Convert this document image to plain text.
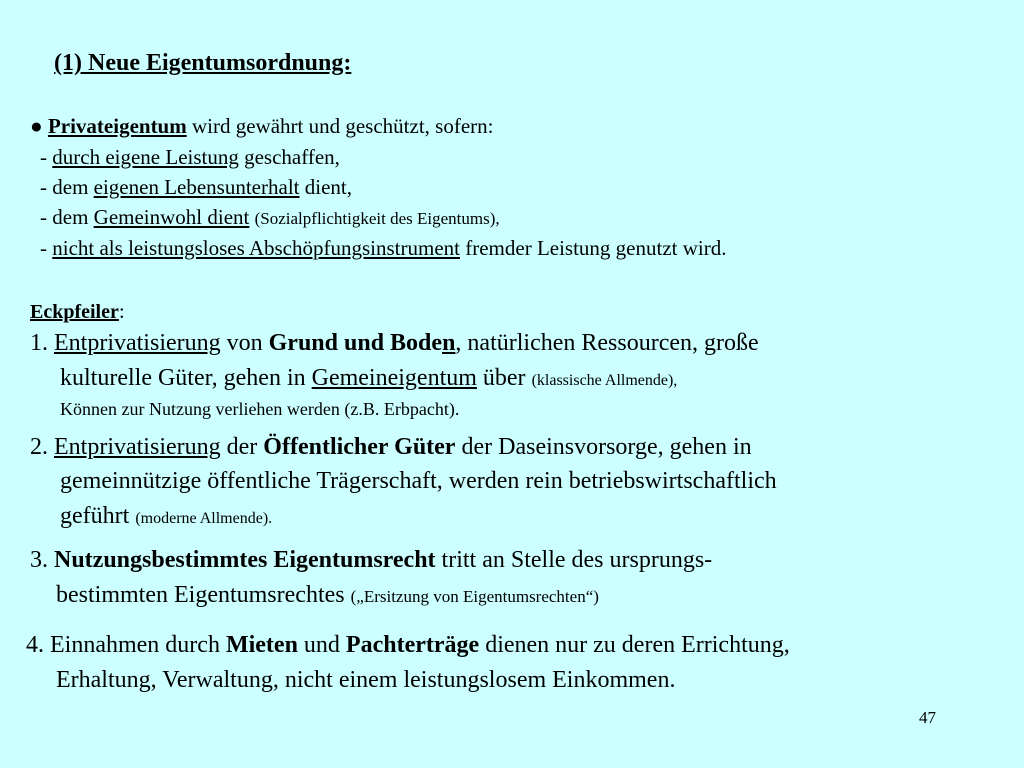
(1) Neue Eigentumsordnung:
● Privateigentum wird gewährt und geschützt, sofern:
- durch eigene Leistung geschaffen,
- dem eigenen Lebensunterhalt dient,
- dem Gemeinwohl dient (Sozialpflichtigkeit des Eigentums),
- nicht als leistungsloses Abschöpfungsinstrument fremder Leistung genutzt wird.
Eckpfeiler:
1. Entprivatisierung von Grund und Boden, natürlichen Ressourcen, große
kulturelle Güter, gehen in Gemeineigentum über (klassische Allmende),
Können zur Nutzung verliehen werden (z.B. Erbpacht).
2. Entprivatisierung der Öffentlicher Güter der Daseinsvorsorge, gehen in
gemeinnützige öffentliche Trägerschaft, werden rein betriebswirtschaftlich
geführt (moderne Allmende).
3. Nutzungsbestimmtes Eigentumsrecht tritt an Stelle des ursprungs-
bestimmten Eigentumsrechtes („Ersitzung von Eigentumsrechten“)
4. Einnahmen durch Mieten und Pachterträge dienen nur zu deren Errichtung,
Erhaltung, Verwaltung, nicht einem leistungslosem Einkommen.
47
